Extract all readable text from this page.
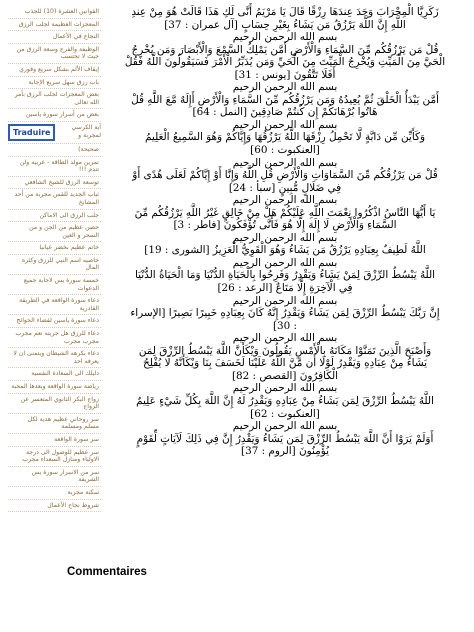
القوانين العشرة (10) للجذب
المعجزات العظيمة لجلب الرزق
النجاح في الأعمال
الوظيفة والفرج وسعة الرزق من حيث لا تحتسب
إيقاف الألم بشكل سريع وفوري
باب رزق سهل سريع الإجابة
بعض المعجزات لجلب الرزق بأمر الله تعالى
بعض من أسرار سورة ياسين
Traduire
آية الكرسي لمجربة و
صحيحة)
تمرين مولد الطاقة - عربيه ولن تندم !!!
توسعة الرزق للشيخ الشافعي
ثياب الجديد للقس مجربة من أحد المشايخ
جلب الرزق الى الاماكن
حصن عظيم من الجن و من السحر و العين
خاتم عظيم بخضر عيانيا
خاصيه اسم النبي للرزق وكثره المال
خمسة سورة يس لاجابة جميع الدعوات
دعاء سورة الواقعة في الطريقة القادرية
دعاء سورة ياسين لقضاء الحوائج
دعاء للرزق هل جربته نعم مجرب مجرب مجرب
دعاء يكرهه الشيطان ويتمنى ان لا يعرفه احد
دليلك الى السعادة النفسية
رياضة سورة الواقعة وبعدها المحبة
زواج البكر الثانوي المتعسر عن الزواج
سر روحاني عظيم هدية لكل مسلم ومسلمة
سر سورة الواقعة
سر عظيم للوصول الى درجة الاولياء ومنازل السعداء مجرب
سر من الاسرار سورة يس الشريفة
سكنة مجربة
شروط نجاح الأعمال
زَكَرِيَّا الْمِحْرَابَ وَجَدَ عِندَهَا رِزْقًا قَالَ يَا مَرْيَمُ أَنَّى لَكِ هَذَا قَالَتْ هُوَ مِنْ عِندِ
اللَّهِ إِنَّ اللَّهَ يَرْزُقُ مَن يَشَاءُ بِغَيْرِ حِسَابٍ [آل عمران : 37]
بسم الله الرحمن الرحيم
قُلْ مَن يَرْزُقُكُم مِّنَ السَّمَاءِ وَالْأَرْضِ أَمَّن يَمْلِكُ السَّمْعَ وَالْأَبْصَارَ وَمَن يُخْرِجُ
الْحَيَّ مِنَ الْمَيِّتِ وَيُخْرِجُ الْمَيِّتَ مِنَ الْحَيِّ وَمَن يُدَبِّرُ الْأَمْرَ فَسَيَقُولُونَ اللَّهُ فَقُلْ
أَفَلَا تَتَّقُونَ [يونس : 31]
بسم الله الرحمن الرحيم
أَمَّن يَبْدَأُ الْخَلْقَ ثُمَّ يُعِيدُهُ وَمَن يَرْزُقُكُم مِّنَ السَّمَاءِ وَالْأَرْضِ أَإِلَهٌ مَّعَ اللَّهِ قُلْ
هَاتُوا بُرْهَانَكُمْ إِن كُنتُمْ صَادِقِينَ [النمل : 64]
بسم الله الرحمن الرحيم
وَكَأَيِّن مِّن دَابَّةٍ لَّا تَحْمِلُ رِزْقَهَا اللَّهُ يَرْزُقُهَا وَإِيَّاكُمْ وَهُوَ السَّمِيعُ الْعَلِيمُ
[العنكبوت : 60]
بسم الله الرحمن الرحيم
قُلْ مَن يَرْزُقُكُم مِّنَ السَّمَاوَاتِ وَالْأَرْضِ قُلِ اللَّهُ وَإِنَّا أَوْ إِيَّاكُمْ لَعَلَى هُدًى أَوْ
فِي ضَلَالٍ مُّبِينٍ [سبأ : 24]
بسم الله الرحمن الرحيم
يَا أَيُّهَا النَّاسُ اذْكُرُوا نِعْمَتَ اللَّهِ عَلَيْكُمْ هَلْ مِنْ خَالِقٍ غَيْرُ اللَّهِ يَرْزُقُكُم مِّنَ
السَّمَاءِ وَالْأَرْضِ لَا إِلَهَ إِلَّا هُوَ فَأَنَّى تُؤْفَكُونَ [فاطر : 3]
بسم الله الرحمن الرحيم
اللَّهُ لَطِيفٌ بِعِبَادِهِ يَرْزُقُ مَن يَشَاءُ وَهُوَ الْقَوِيُّ الْعَزِيزُ [الشورى : 19]
بسم الله الرحمن الرحيم
اللَّهُ يَبْسُطُ الرِّزْقَ لِمَنْ يَشَاءُ وَيَقْدِرُ وَفَرِحُوا بِالْحَيَاةِ الدُّنْيَا وَمَا الْحَيَاةُ الدُّنْيَا
فِي الْآخِرَةِ إِلَّا مَتَاعٌ [الرعد : 26]
بسم الله الرحمن الرحيم
إِنَّ رَبَّكَ يَبْسُطُ الرِّزْقَ لِمَن يَشَاءُ وَيَقْدِرُ إِنَّهُ كَانَ بِعِبَادِهِ خَبِيرًا بَصِيرًا [الإسراء
: 30]
بسم الله الرحمن الرحيم
وَأَصْبَحَ الَّذِينَ تَمَنَّوْا مَكَانَهُ بِالْأَمْسِ يَقُولُونَ وَيْكَأَنَّ اللَّهَ يَبْسُطُ الرِّزْقَ لِمَن
يَشَاءُ مِنْ عِبَادِهِ وَيَقْدِرُ لَوْلَا أَن مَّنَّ اللَّهُ عَلَيْنَا لَخَسَفَ بِنَا وَيْكَأَنَّهُ لَا يُفْلِحُ
الْكَافِرُونَ [القصص : 82]
بسم الله الرحمن الرحيم
اللَّهُ يَبْسُطُ الرِّزْقَ لِمَن يَشَاءُ مِنْ عِبَادِهِ وَيَقْدِرُ لَهُ إِنَّ اللَّهَ بِكُلِّ شَيْءٍ عَلِيمٌ
[العنكبوت : 62]
بسم الله الرحمن الرحيم
أَوَلَمْ يَرَوْا أَنَّ اللَّهَ يَبْسُطُ الرِّزْقَ لِمَن يَشَاءُ وَيَقْدِرُ إِنَّ فِي ذَلِكَ لَآيَاتٍ لِّقَوْمٍ
يُؤْمِنُونَ [الروم : 37]
Commentaires
